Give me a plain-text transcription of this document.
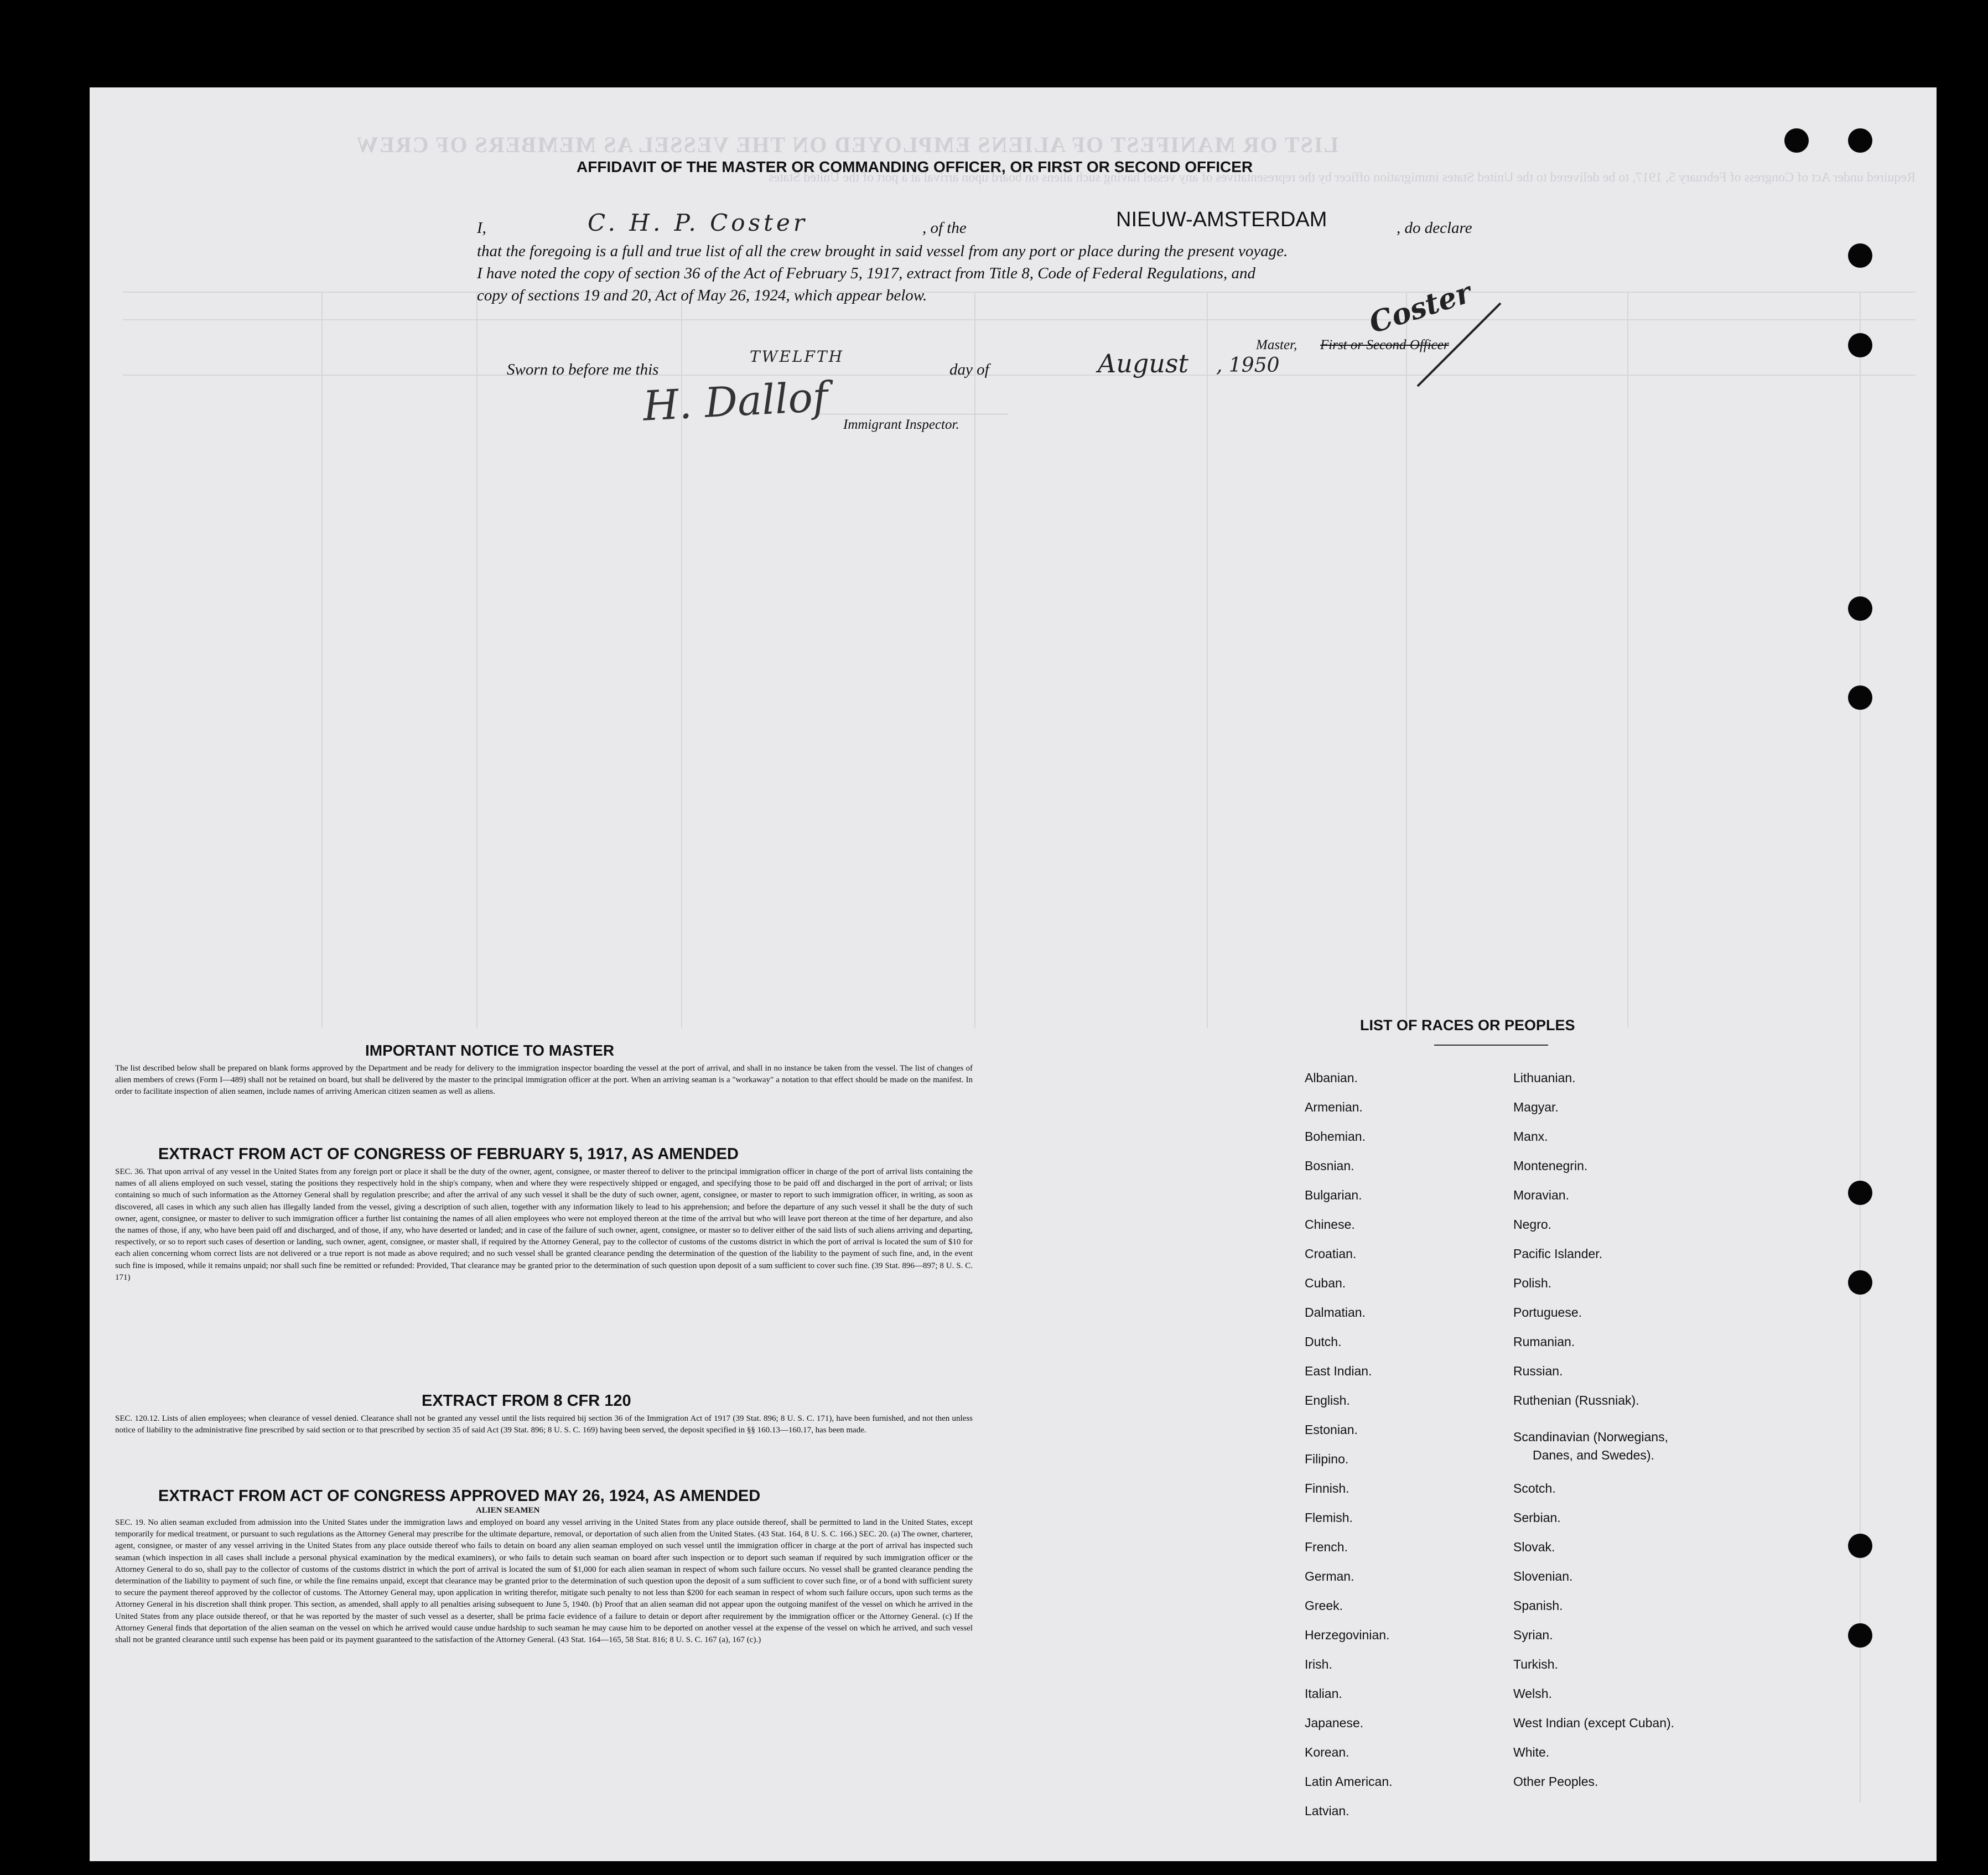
LIST OR MANIFEST OF ALIENS EMPLOYED ON THE VESSEL AS MEMBERS OF CREW
Required under Act of Congress of February 5, 1917, to be delivered to the United States immigration officer by the representatives of any vessel having such aliens on board upon arrival at a port of the United States
AFFIDAVIT OF THE MASTER OR COMMANDING OFFICER, OR FIRST OR SECOND OFFICER
I,	C. H. P. Coster	, of the	NIEUW-AMSTERDAM	, do declare
that the foregoing is a full and true list of all the crew brought in said vessel from any port or place during the present voyage.
I have noted the copy of section 36 of the Act of February 5, 1917, extract from Title 8, Code of Federal Regulations, and
copy of sections 19 and 20, Act of May 26, 1924, which appear below.	Coster
Master, First or Second Officer
Sworn to before me this
TWELFTH
day of	August , 1950
H. Dallof Immigrant Inspector.
IMPORTANT NOTICE TO MASTER
The list described below shall be prepared on blank forms approved by the Department and be ready for delivery to the immigration inspector boarding the vessel at the port of arrival, and shall in no instance be taken from the vessel. The list of changes of alien members of crews (Form I—489) shall not be retained on board, but shall be delivered by the master to the principal immigration officer at the port. When an arriving seaman is a "workaway" a notation to that effect should be made on the manifest. In order to facilitate inspection of alien seamen, include names of arriving American citizen seamen as well as aliens.
EXTRACT FROM ACT OF CONGRESS OF FEBRUARY 5, 1917, AS AMENDED
SEC. 36. That upon arrival of any vessel in the United States from any foreign port or place it shall be the duty of the owner, agent, consignee, or master thereof to deliver to the principal immigration officer in charge of the port of arrival lists containing the names of all aliens employed on such vessel, stating the positions they respectively hold in the ship's company, when and where they were respectively shipped or engaged, and specifying those to be paid off and discharged in the port of arrival; or lists containing so much of such information as the Attorney General shall by regulation prescribe; and after the arrival of any such vessel it shall be the duty of such owner, agent, consignee, or master to report to such immigration officer, in writing, as soon as discovered, all cases in which any such alien has illegally landed from the vessel, giving a description of such alien, together with any information likely to lead to his apprehension; and before the departure of any such vessel it shall be the duty of such owner, agent, consignee, or master to deliver to such immigration officer a further list containing the names of all alien employees who were not employed thereon at the time of the arrival but who will leave port thereon at the time of her departure, and also the names of those, if any, who have been paid off and discharged, and of those, if any, who have deserted or landed; and in case of the failure of such owner, agent, consignee, or master so to deliver either of the said lists of such aliens arriving and departing, respectively, or so to report such cases of desertion or landing, such owner, agent, consignee, or master shall, if required by the Attorney General, pay to the collector of customs of the customs district in which the port of arrival is located the sum of $10 for each alien concerning whom correct lists are not delivered or a true report is not made as above required; and no such vessel shall be granted clearance pending the determination of the question of the liability to the payment of such fine, and, in the event such fine is imposed, while it remains unpaid; nor shall such fine be remitted or refunded: Provided, That clearance may be granted prior to the determination of such question upon deposit of a sum sufficient to cover such fine. (39 Stat. 896—897; 8 U. S. C. 171)
EXTRACT FROM 8 CFR 120
SEC. 120.12. Lists of alien employees; when clearance of vessel denied. Clearance shall not be granted any vessel until the lists required bij section 36 of the Immigration Act of 1917 (39 Stat. 896; 8 U. S. C. 171), have been furnished, and not then unless notice of liability to the administrative fine prescribed by said section or to that prescribed by section 35 of said Act (39 Stat. 896; 8 U. S. C. 169) having been served, the deposit specified in §§ 160.13—160.17, has been made.
EXTRACT FROM ACT OF CONGRESS APPROVED MAY 26, 1924, AS AMENDED
ALIEN SEAMEN
SEC. 19. No alien seaman excluded from admission into the United States under the immigration laws and employed on board any vessel arriving in the United States from any place outside thereof, shall be permitted to land in the United States, except temporarily for medical treatment, or pursuant to such regulations as the Attorney General may prescribe for the ultimate departure, removal, or deportation of such alien from the United States. (43 Stat. 164, 8 U. S. C. 166.) SEC. 20. (a) The owner, charterer, agent, consignee, or master of any vessel arriving in the United States from any place outside thereof who fails to detain on board any alien seaman employed on such vessel until the immigration officer in charge at the port of arrival has inspected such seaman (which inspection in all cases shall include a personal physical examination by the medical examiners), or who fails to detain such seaman on board after such inspection or to deport such seaman if required by such immigration officer or the Attorney General to do so, shall pay to the collector of customs of the customs district in which the port of arrival is located the sum of $1,000 for each alien seaman in respect of whom such failure occurs. No vessel shall be granted clearance pending the determination of the liability to payment of such fine, or while the fine remains unpaid, except that clearance may be granted prior to the determination of such question upon the deposit of a sum sufficient to cover such fine, or of a bond with sufficient surety to secure the payment thereof approved by the collector of customs. The Attorney General may, upon application in writing therefor, mitigate such penalty to not less than $200 for each seaman in respect of whom such failure occurs, upon such terms as the Attorney General in his discretion shall think proper. This section, as amended, shall apply to all penalties arising subsequent to June 5, 1940. (b) Proof that an alien seaman did not appear upon the outgoing manifest of the vessel on which he arrived in the United States from any place outside thereof, or that he was reported by the master of such vessel as a deserter, shall be prima facie evidence of a failure to detain or deport after requirement by the immigration officer or the Attorney General. (c) If the Attorney General finds that deportation of the alien seaman on the vessel on which he arrived would cause undue hardship to such seaman he may cause him to be deported on another vessel at the expense of the vessel on which he arrived, and such vessel shall not be granted clearance until such expense has been paid or its payment guaranteed to the satisfaction of the Attorney General. (43 Stat. 164—165, 58 Stat. 816; 8 U. S. C. 167 (a), 167 (c).)
LIST OF RACES OR PEOPLES
Albanian.
Armenian.
Bohemian.
Bosnian.
Bulgarian.
Chinese.
Croatian.
Cuban.
Dalmatian.
Dutch.
East Indian.
English.
Estonian.
Filipino.
Finnish.
Flemish.
French.
German.
Greek.
Herzegovinian.
Irish.
Italian.
Japanese.
Korean.
Latin American.
Latvian.
Lithuanian.
Magyar.
Manx.
Montenegrin.
Moravian.
Negro.
Pacific Islander.
Polish.
Portuguese.
Rumanian.
Russian.
Ruthenian (Russniak).
Scandinavian (Norwegians,
Danes, and Swedes).
Scotch.
Serbian.
Slovak.
Slovenian.
Spanish.
Syrian.
Turkish.
Welsh.
West Indian (except Cuban).
White.
Other Peoples.
